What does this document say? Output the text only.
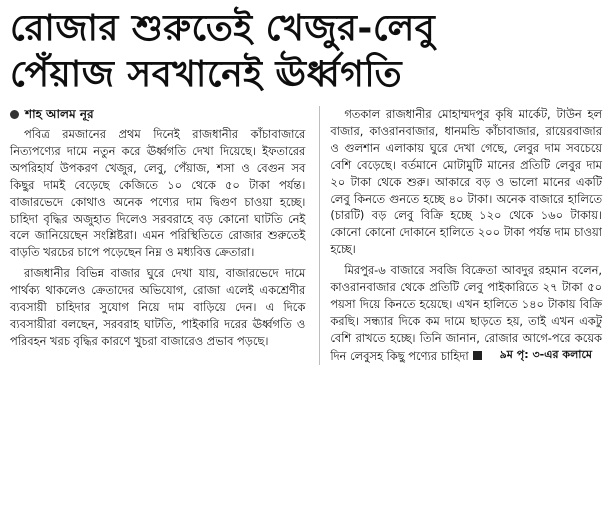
রোজার শুরুতেই খেজুর-লেবু
পেঁয়াজ সবখানেই ঊর্ধ্বগতি
শাহ আলম নূর

পবিত্র রমজানের প্রথম দিনেই রাজধানীর কাঁচাবাজারে নিত্যপণ্যের দামে নতুন করে ঊর্ধ্বগতি দেখা দিয়েছে। ইফতারের অপরিহার্য উপকরণ খেজুর, লেবু, পেঁয়াজ, শসা ও বেগুন সব কিছুর দামই বেড়েছে কেজিতে ১০ থেকে ৫০ টাকা পর্যন্ত। বাজারভেদে কোথাও অনেক পণ্যের দাম দ্বিগুণ চাওয়া হচ্ছে। চাহিদা বৃদ্ধির অজুহাত দিলেও সরবরাহে বড় কোনো ঘাটতি নেই বলে জানিয়েছেন সংশ্লিষ্টরা। এমন পরিস্থিতিতে রোজার শুরুতেই বাড়তি খরচের চাপে পড়েছেন নিম্ন ও মধ্যবিত্ত ক্রেতারা।

রাজধানীর বিভিন্ন বাজার ঘুরে দেখা যায়, বাজারভেদে দামে পার্থক্য থাকলেও ক্রেতাদের অভিযোগ, রোজা এলেই একশ্রেণীর ব্যবসায়ী চাহিদার সুযোগ নিয়ে দাম বাড়িয়ে দেন। এ দিকে ব্যবসায়ীরা বলছেন, সরবরাহ ঘাটতি, পাইকারি দরের ঊর্ধ্বগতি ও পরিবহন খরচ বৃদ্ধির কারণে খুচরা বাজারেও প্রভাব পড়ছে।

গতকাল রাজধানীর মোহাম্মদপুর কৃষি মার্কেট, টাউন হল বাজার, কাওরানবাজার, ধানমন্ডি কাঁচাবাজার, রায়েরবাজার ও গুলশান এলাকায় ঘুরে দেখা গেছে, লেবুর দাম সবচেয়ে বেশি বেড়েছে। বর্তমানে মোটামুটি মানের প্রতিটি লেবুর দাম ২০ টাকা থেকে শুরু। আকারে বড় ও ভালো মানের একটি লেবু কিনতে গুনতে হচ্ছে ৪০ টাকা। অনেক বাজারে হালিতে (চারটি) বড় লেবু বিক্রি হচ্ছে ১২০ থেকে ১৬০ টাকায়। কোনো কোনো দোকানে হালিতে ২০০ টাকা পর্যন্ত দাম চাওয়া হচ্ছে।

মিরপুর-৬ বাজারে সবজি বিক্রেতা আবদুর রহমান বলেন, কাওরানবাজার থেকে প্রতিটি লেবু পাইকারিতে ২৭ টাকা ৫০ পয়সা দিয়ে কিনতে হয়েছে। এখন হালিতে ১৪০ টাকায় বিক্রি করছি। সন্ধ্যার দিকে কম দামে ছাড়তে হয়, তাই এখন একটু বেশি রাখতে হচ্ছে। তিনি জানান, রোজার আগে-পরে কয়েক দিন লেবুসহ কিছু পণ্যের চাহিদা	৯ম পৃ: ৩-এর কলামে
